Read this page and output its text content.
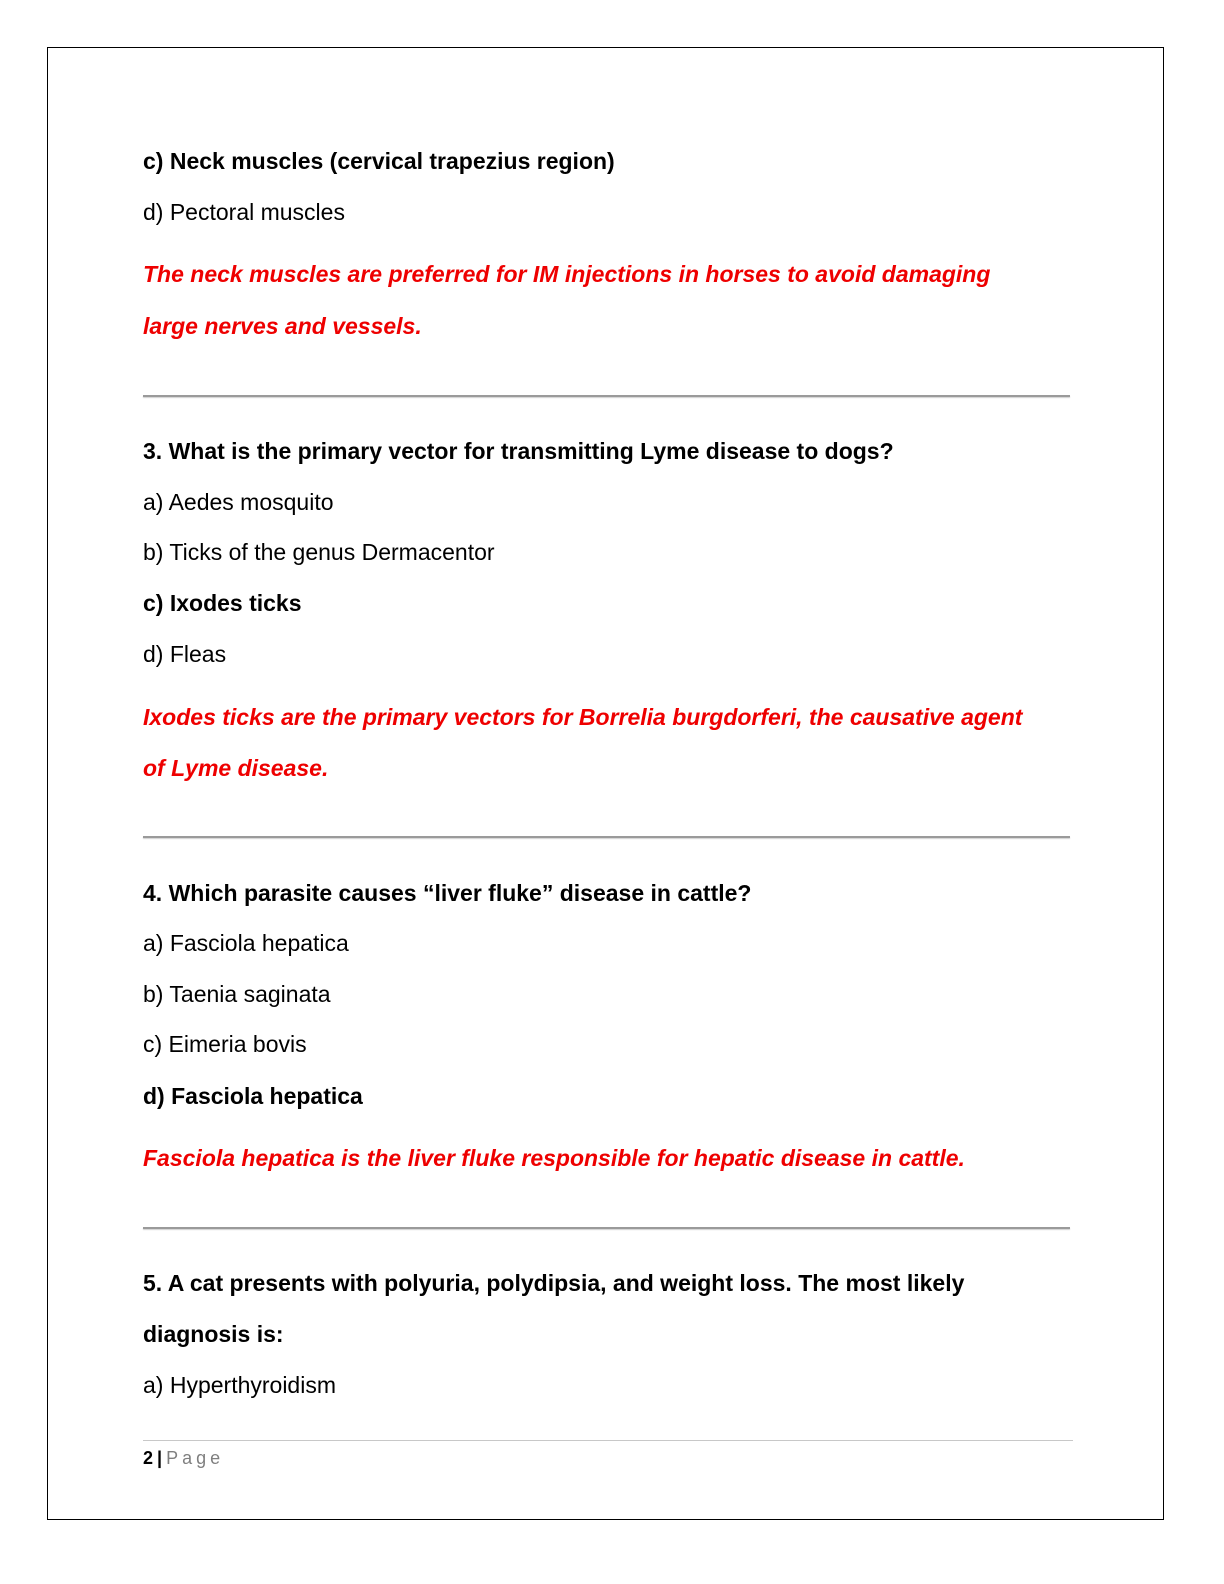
c) Neck muscles (cervical trapezius region)
d) Pectoral muscles
The neck muscles are preferred for IM injections in horses to avoid damaging
large nerves and vessels.
3. What is the primary vector for transmitting Lyme disease to dogs?
a) Aedes mosquito
b) Ticks of the genus Dermacentor
c) Ixodes ticks
d) Fleas
Ixodes ticks are the primary vectors for Borrelia burgdorferi, the causative agent
of Lyme disease.
4. Which parasite causes “liver fluke” disease in cattle?
a) Fasciola hepatica
b) Taenia saginata
c) Eimeria bovis
d) Fasciola hepatica
Fasciola hepatica is the liver fluke responsible for hepatic disease in cattle.
5. A cat presents with polyuria, polydipsia, and weight loss. The most likely
diagnosis is:
a) Hyperthyroidism
2 | Page
